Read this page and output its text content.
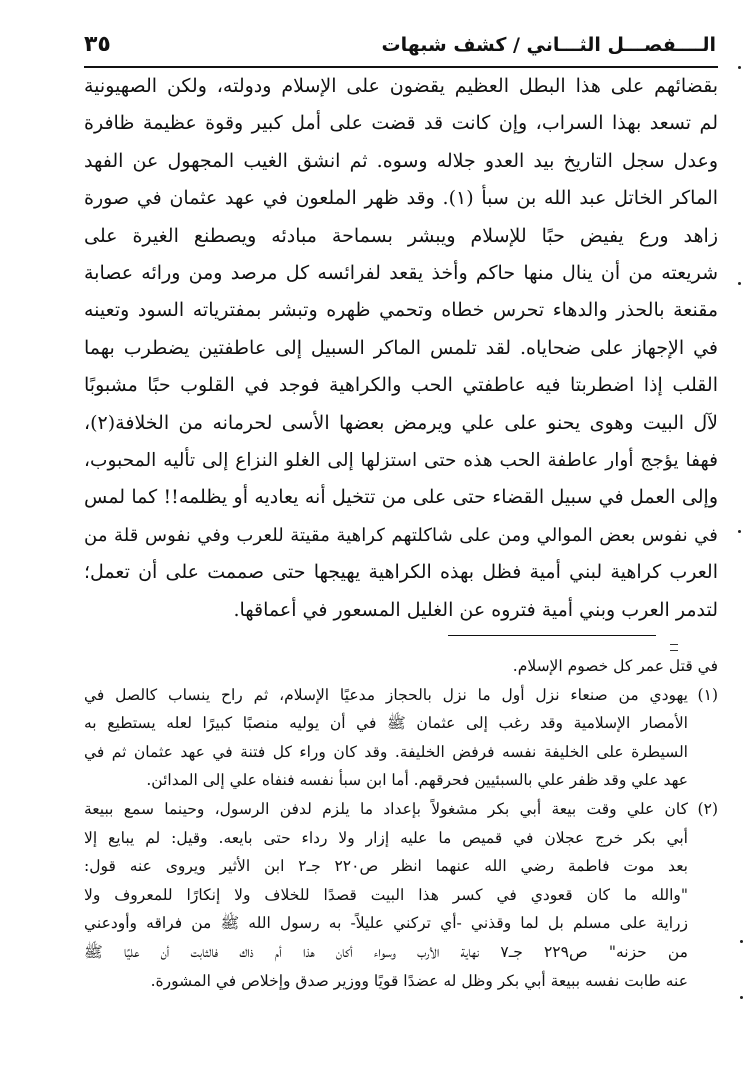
٣٥	الــــفصـــل الثـــاني / كشف شبهات
بقضائهم على هذا البطل العظيم يقضون على الإسلام ودولته، ولكن الصهيونية
لم تسعد بهذا السراب، وإن كانت قد قضت على أمل كبير وقوة عظيمة ظافرة
وعدل سجل التاريخ بيد العدو جلاله وسوه. ثم انشق الغيب المجهول عن الفهد
الماكر الخاتل عبد الله بن سبأ (١). وقد ظهر الملعون في عهد عثمان في صورة
زاهد ورع يفيض حبًا للإسلام ويبشر بسماحة مبادئه ويصطنع الغيرة على
شريعته من أن ينال منها حاكم وأخذ يقعد لفرائسه كل مرصد ومن ورائه عصابة
مقنعة بالحذر والدهاء تحرس خطاه وتحمي ظهره وتبشر بمفترياته السود وتعينه
في الإجهاز على ضحاياه. لقد تلمس الماكر السبيل إلى عاطفتين يضطرب بهما
القلب إذا اضطربتا فيه عاطفتي الحب والكراهية فوجد في القلوب حبًا مشبوبًا
لآل البيت وهوى يحنو على علي ويرمض بعضها الأسى لحرمانه من الخلافة(٢)،
فهفا يؤجج أوار عاطفة الحب هذه حتى استزلها إلى الغلو النزاع إلى تأليه المحبوب،
وإلى العمل في سبيل القضاء حتى على من تتخيل أنه يعاديه أو يظلمه!! كما لمس
في نفوس بعض الموالي ومن على شاكلتهم كراهية مقيتة للعرب وفي نفوس قلة من
العرب كراهية لبني أمية فظل بهذه الكراهية يهيجها حتى صممت على أن تعمل؛
لتدمر العرب وبني أمية فتروه عن الغليل المسعور في أعماقها.
في قتل عمر كل خصوم الإسلام.
(١)يهودي من صنعاء نزل أول ما نزل بالحجاز مدعيًا الإسلام، ثم راح ينساب كالصل في
الأمصار الإسلامية وقد رغب إلى عثمان ﷺ في أن يوليه منصبًا كبيرًا لعله يستطيع به
السيطرة على الخليفة نفسه فرفض الخليفة. وقد كان وراء كل فتنة في عهد عثمان ثم في
عهد علي وقد ظفر علي بالسبئيين فحرقهم. أما ابن سبأ نفسه فنفاه علي إلى المدائن.
(٢)كان علي وقت بيعة أبي بكر مشغولاً بإعداد ما يلزم لدفن الرسول، وحينما سمع ببيعة
أبي بكر خرج عجلان في قميص ما عليه إزار ولا رداء حتى بايعه. وقيل: لم يبايع إلا
بعد موت فاطمة رضي الله عنهما انظر ص٢٢٠ جـ٢ ابن الأثير ويروى عنه قول:
"والله ما كان قعودي في كسر هذا البيت قصدًا للخلاف ولا إنكارًا للمعروف ولا
زراية على مسلم بل لما وقذني -أي تركني عليلاً- به رسول الله ﷺ من فراقه وأودعني
من حزنه" ص٢٢٩ جـ٧ نهاية الأرب وسواء أكان هذا أم ذاك فالثابت أن عليًا ﷺ
عنه طابت نفسه ببيعة أبي بكر وظل له عضدًا قويًا ووزير صدق وإخلاص في المشورة.
